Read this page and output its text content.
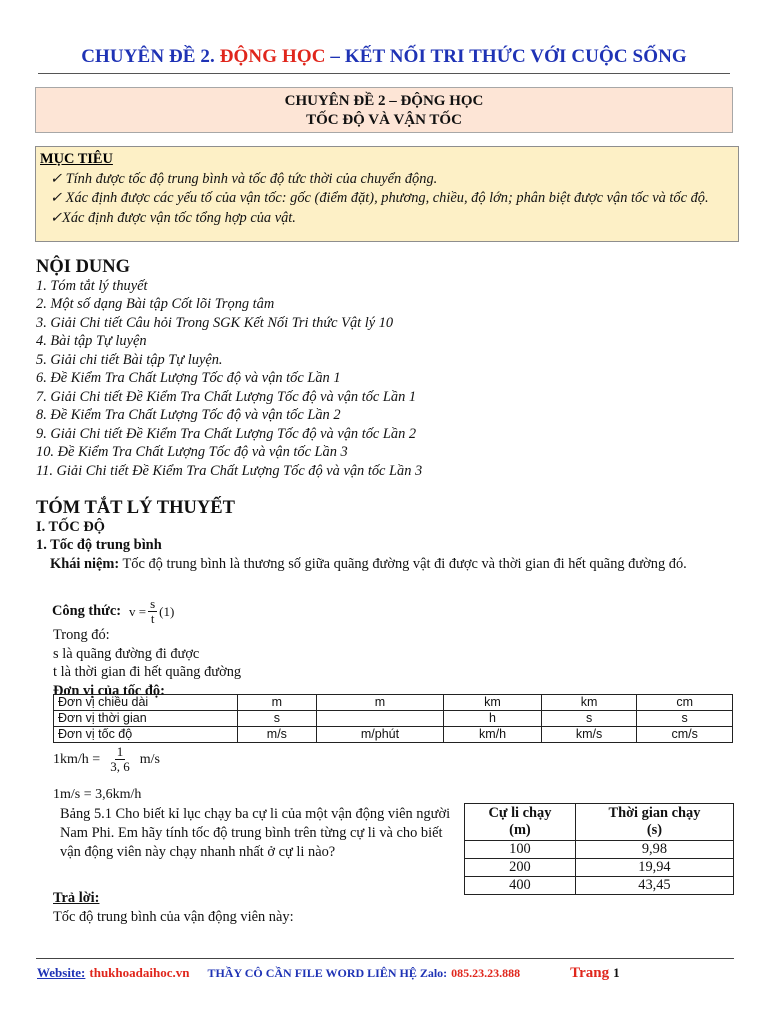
CHUYÊN ĐỀ 2. ĐỘNG HỌC – KẾT NỐI TRI THỨC VỚI CUỘC SỐNG
CHUYÊN ĐỀ 2 – ĐỘNG HỌC
TỐC ĐỘ VÀ VẬN TỐC
MỤC TIÊU
✓ Tính được tốc độ trung bình và tốc độ tức thời của chuyển động.
✓ Xác định được các yếu tố của vận tốc: gốc (điểm đặt), phương, chiều, độ lớn; phân biệt được vận tốc và tốc độ.
✓Xác định được vận tốc tổng hợp của vật.
NỘI DUNG
1. Tóm tắt lý thuyết
2. Một số dạng Bài tập Cốt lõi Trọng tâm
3. Giải Chi tiết Câu hỏi Trong SGK Kết Nối Tri thức Vật lý 10
4. Bài tập Tự luyện
5. Giải chi tiết Bài tập Tự luyện.
6. Đề Kiểm Tra Chất Lượng Tốc độ và vận tốc Lần 1
7. Giải Chi tiết Đề Kiểm Tra Chất Lượng Tốc độ và vận tốc Lần 1
8. Đề Kiểm Tra Chất Lượng Tốc độ và vận tốc Lần 2
9. Giải Chi tiết Đề Kiểm Tra Chất Lượng Tốc độ và vận tốc Lần 2
10. Đề Kiểm Tra Chất Lượng Tốc độ và vận tốc Lần 3
11. Giải Chi tiết Đề Kiểm Tra Chất Lượng Tốc độ và vận tốc Lần 3
TÓM TẮT LÝ THUYẾT
I. TỐC ĐỘ
1. Tốc độ trung bình
Khái niệm: Tốc độ trung bình là thương số giữa quãng đường vật đi được và thời gian đi hết quãng đường đó.
Công thức: $v = \frac{s}{t} (1)$
Trong đó:
s là quãng đường đi được
t là thời gian đi hết quãng đường
Đơn vị của tốc độ:
Đơn vị chiều dài	m	m	km	km	cm
Đơn vị thời gian	s		h	s	s
Đơn vị tốc độ	m/s	m/phút	km/h	km/s	cm/s
$1km/h = \frac{1}{3, 6} m/s$
1m/s = 3,6km/h
Bảng 5.1 Cho biết kỉ lục chạy ba cự li của một vận động viên người Nam Phi. Em hãy tính tốc độ trung bình trên từng cự li và cho biết vận động viên này chạy nhanh nhất ở cự li nào?
Cự li chạy
(m)	Thời gian chạy
(s)
100	9,98
200	19,94
400	43,45
Trả lời:
Tốc độ trung bình của vận động viên này:
Website: thukhoadaihoc.vn THẦY CÔ CẦN FILE WORD LIÊN HỆ Zalo: 085.23.23.888	Trang 1
